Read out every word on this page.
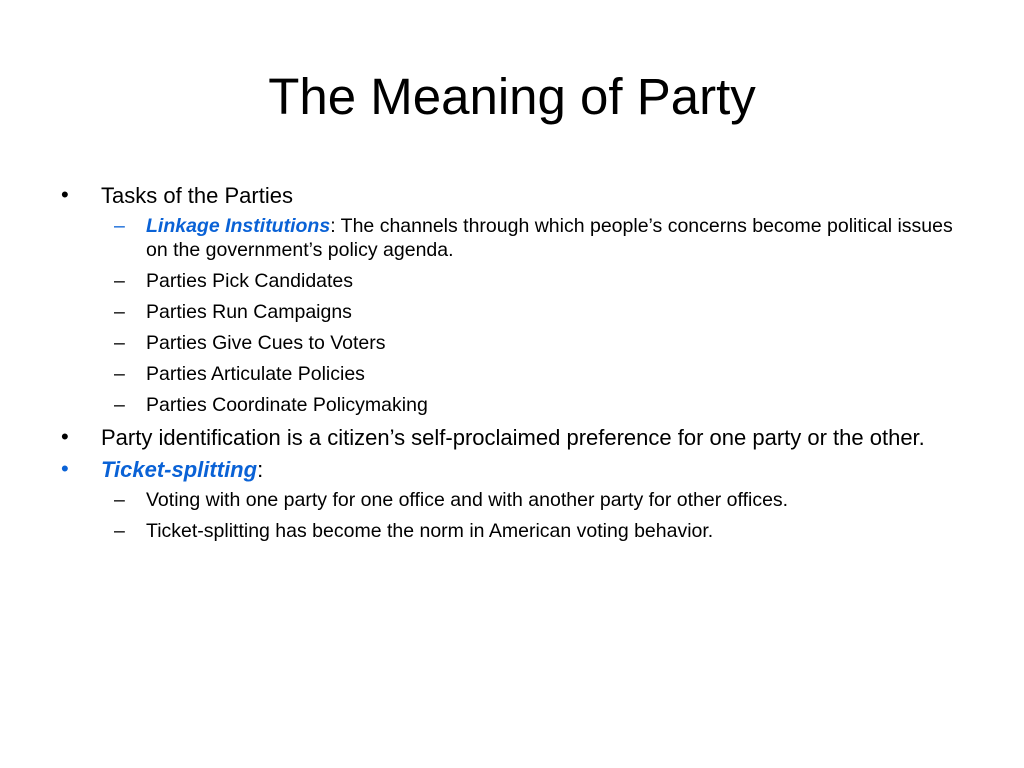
The Meaning of Party
• Tasks of the Parties
– Linkage Institutions: The channels through which people’s concerns become political issues on the government’s policy agenda.
– Parties Pick Candidates
– Parties Run Campaigns
– Parties Give Cues to Voters
– Parties Articulate Policies
– Parties Coordinate Policymaking
• Party identification is a citizen’s self-proclaimed preference for one party or the other.
• Ticket-splitting:
– Voting with one party for one office and with another party for other offices.
– Ticket-splitting has become the norm in American voting behavior.
